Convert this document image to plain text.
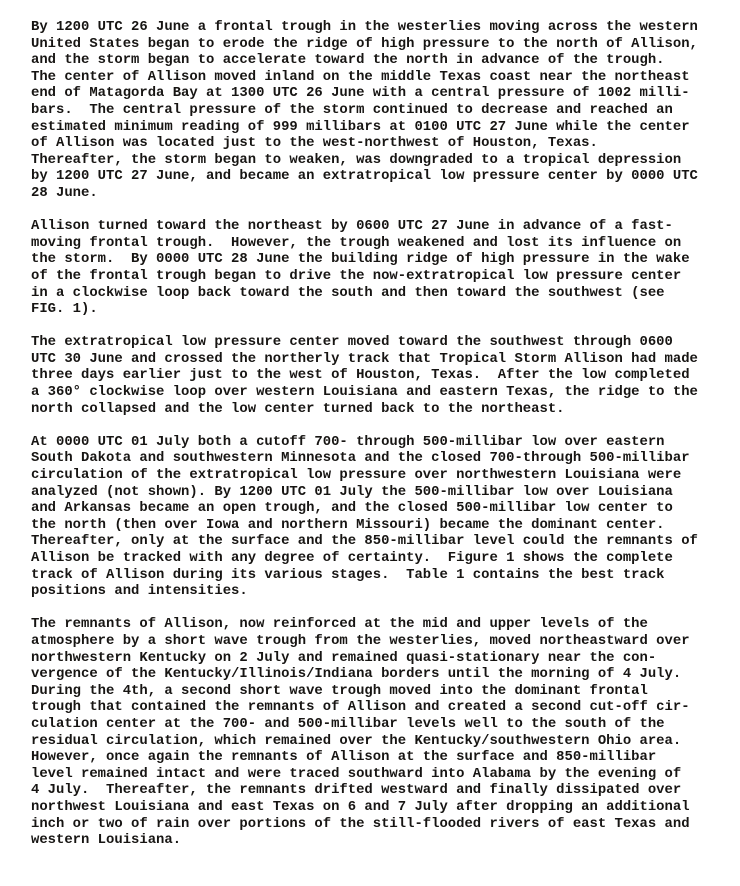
By 1200 UTC 26 June a frontal trough in the westerlies moving across the western
United States began to erode the ridge of high pressure to the north of Allison,
and the storm began to accelerate toward the north in advance of the trough.
The center of Allison moved inland on the middle Texas coast near the northeast
end of Matagorda Bay at 1300 UTC 26 June with a central pressure of 1002 milli-
bars.  The central pressure of the storm continued to decrease and reached an
estimated minimum reading of 999 millibars at 0100 UTC 27 June while the center
of Allison was located just to the west-northwest of Houston, Texas.
Thereafter, the storm began to weaken, was downgraded to a tropical depression
by 1200 UTC 27 June, and became an extratropical low pressure center by 0000 UTC
28 June.
Allison turned toward the northeast by 0600 UTC 27 June in advance of a fast-
moving frontal trough.  However, the trough weakened and lost its influence on
the storm.  By 0000 UTC 28 June the building ridge of high pressure in the wake
of the frontal trough began to drive the now-extratropical low pressure center
in a clockwise loop back toward the south and then toward the southwest (see
FIG. 1).
The extratropical low pressure center moved toward the southwest through 0600
UTC 30 June and crossed the northerly track that Tropical Storm Allison had made
three days earlier just to the west of Houston, Texas.  After the low completed
a 360° clockwise loop over western Louisiana and eastern Texas, the ridge to the
north collapsed and the low center turned back to the northeast.
At 0000 UTC 01 July both a cutoff 700- through 500-millibar low over eastern
South Dakota and southwestern Minnesota and the closed 700-through 500-millibar
circulation of the extratropical low pressure over northwestern Louisiana were
analyzed (not shown). By 1200 UTC 01 July the 500-millibar low over Louisiana
and Arkansas became an open trough, and the closed 500-millibar low center to
the north (then over Iowa and northern Missouri) became the dominant center.
Thereafter, only at the surface and the 850-millibar level could the remnants of
Allison be tracked with any degree of certainty.  Figure 1 shows the complete
track of Allison during its various stages.  Table 1 contains the best track
positions and intensities.
The remnants of Allison, now reinforced at the mid and upper levels of the
atmosphere by a short wave trough from the westerlies, moved northeastward over
northwestern Kentucky on 2 July and remained quasi-stationary near the con-
vergence of the Kentucky/Illinois/Indiana borders until the morning of 4 July.
During the 4th, a second short wave trough moved into the dominant frontal
trough that contained the remnants of Allison and created a second cut-off cir-
culation center at the 700- and 500-millibar levels well to the south of the
residual circulation, which remained over the Kentucky/southwestern Ohio area.
However, once again the remnants of Allison at the surface and 850-millibar
level remained intact and were traced southward into Alabama by the evening of
4 July.  Thereafter, the remnants drifted westward and finally dissipated over
northwest Louisiana and east Texas on 6 and 7 July after dropping an additional
inch or two of rain over portions of the still-flooded rivers of east Texas and
western Louisiana.
